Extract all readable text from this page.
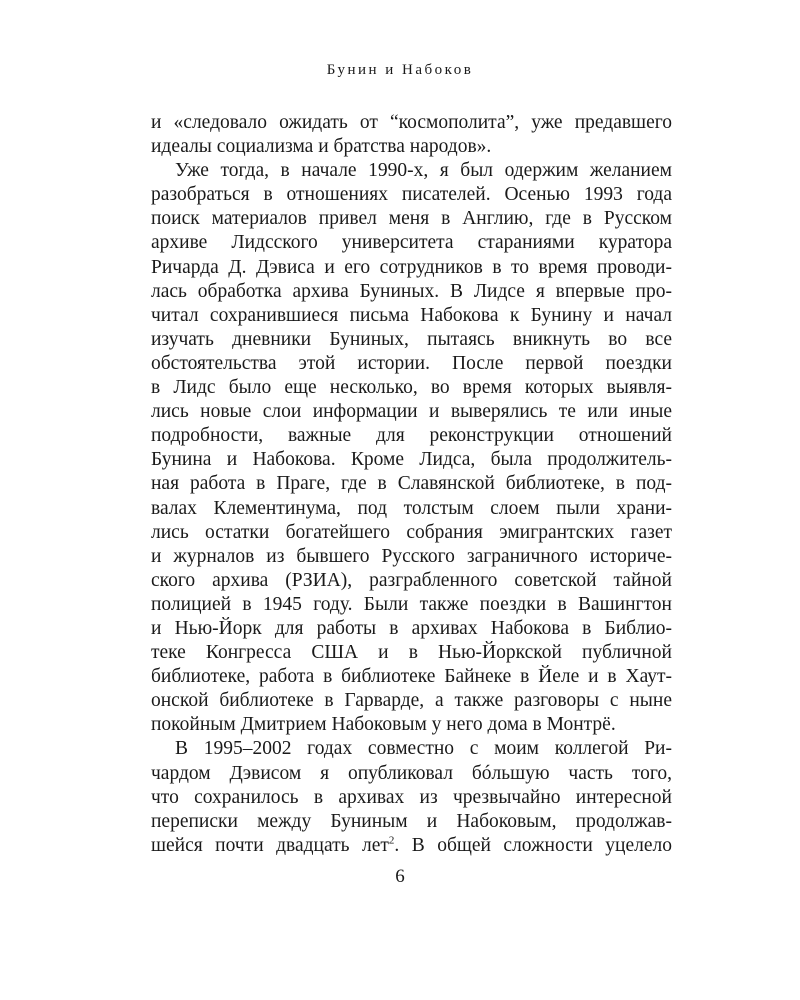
Бунин и Набоков
и «следовало ожидать от “космополита”, уже предавшего
идеалы социализма и братства народов».
Уже тогда, в начале 1990-х, я был одержим желанием
разобраться в отношениях писателей. Осенью 1993 года
поиск материалов привел меня в Англию, где в Русском
архиве Лидсского университета стараниями куратора
Ричарда Д. Дэвиса и его сотрудников в то время проводи-
лась обработка архива Буниных. В Лидсе я впервые про-
читал сохранившиеся письма Набокова к Бунину и начал
изучать дневники Буниных, пытаясь вникнуть во все
обстоятельства этой истории. После первой поездки
в Лидс было еще несколько, во время которых выявля-
лись новые слои информации и выверялись те или иные
подробности, важные для реконструкции отношений
Бунина и Набокова. Кроме Лидса, была продолжитель-
ная работа в Праге, где в Славянской библиотеке, в под-
валах Клементинума, под толстым слоем пыли храни-
лись остатки богатейшего собрания эмигрантских газет
и журналов из бывшего Русского заграничного историче-
ского архива (РЗИА), разграбленного советской тайной
полицией в 1945 году. Были также поездки в Вашингтон
и Нью-Йорк для работы в архивах Набокова в Библио-
теке Конгресса США и в Нью-Йоркской публичной
библиотеке, работа в библиотеке Байнеке в Йеле и в Хаут-
онской библиотеке в Гарварде, а также разговоры с ныне
покойным Дмитрием Набоковым у него дома в Монтрё.
В 1995–2002 годах совместно с моим коллегой Ри-
чардом Дэвисом я опубликовал бóльшую часть того,
что сохранилось в архивах из чрезвычайно интересной
переписки между Буниным и Набоковым, продолжав-
шейся почти двадцать лет$^2$. В общей сложности уцелело
6
